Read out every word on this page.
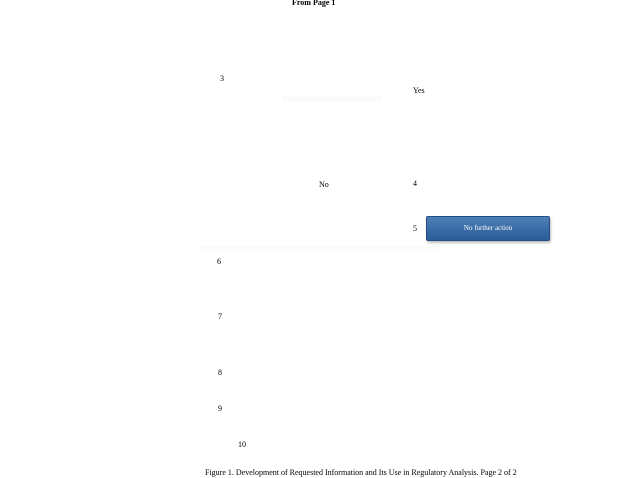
From Page 1
3
Yes
No	4
5	No further action
6
7
8
9
10
Figure 1. Development of Requested Information and Its Use in Regulatory Analysis. Page 2 of 2
